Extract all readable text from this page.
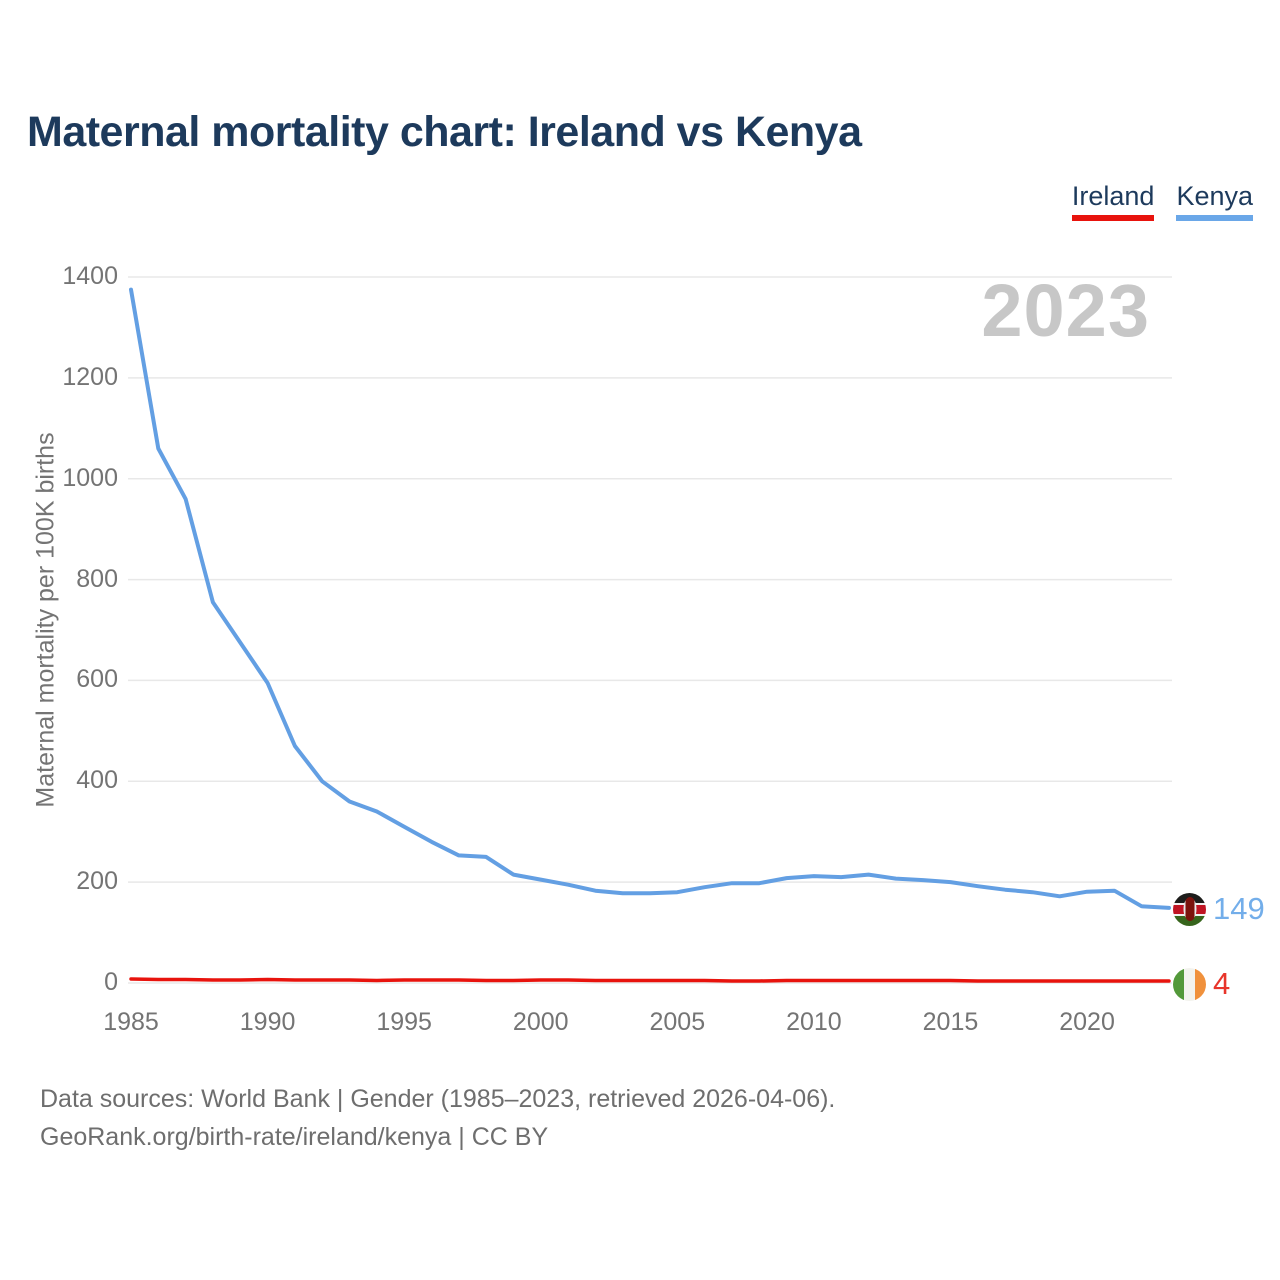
Maternal mortality chart: Ireland vs Kenya
Ireland Kenya
2023
0
200
400
600
800
1000
1200
1400
1985	1990	1995	2000	2005	2010	2015	2020
Maternal mortality per 100K births
149
4
Data sources: World Bank | Gender (1985–2023, retrieved 2026-04-06).
GeoRank.org/birth-rate/ireland/kenya | CC BY
